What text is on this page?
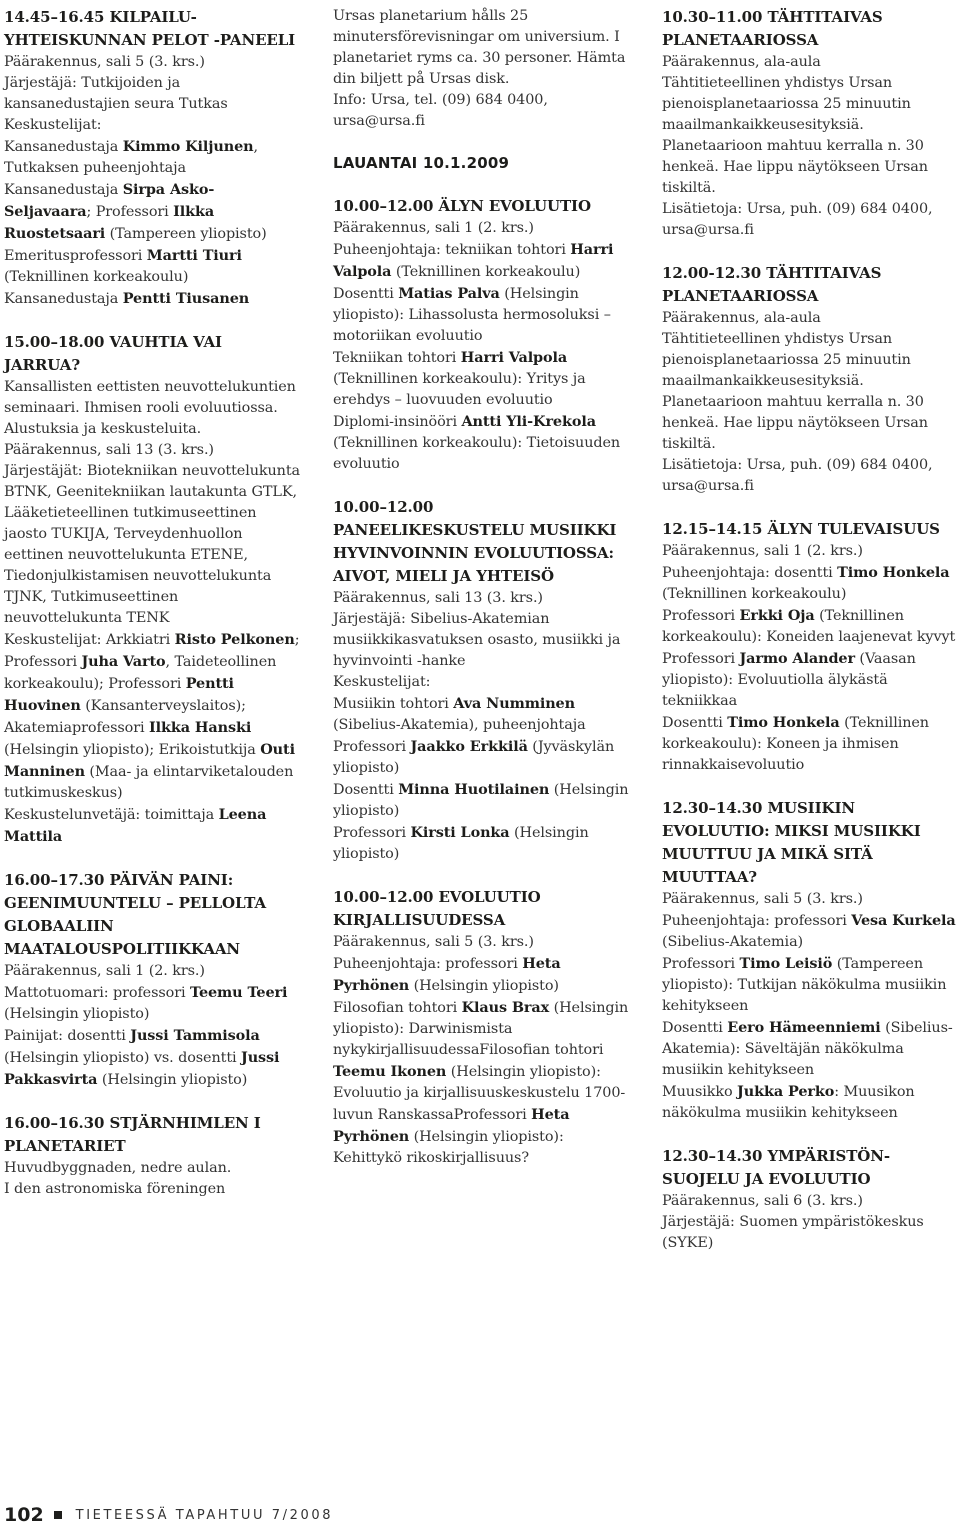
14.45–16.45 KILPAILU-YHTEISKUNNAN PELOT -PANEELI

Päärakennus, sali 5 (3. krs.)

Järjestäjä: Tutkijoiden ja kansanedustajien seura Tutkas

Keskustelijat:

Kansanedustaja Kimmo Kiljunen, Tutkaksen puheenjohtaja Kansanedustaja Sirpa Asko-Seljavaara; Professori Ilkka Ruostetsaari (Tampereen yliopisto)

Emeritusprofessori Martti Tiuri (Teknillinen korkeakoulu)

Kansanedustaja Pentti Tiusanen

15.00–18.00 VAUHTIA VAI JARRUA?

Kansallisten eettisten neuvottelukuntien seminaari. Ihmisen rooli evoluutiossa. Alustuksia ja keskusteluita.

Päärakennus, sali 13 (3. krs.)

Järjestäjät: Biotekniikan neuvottelukunta BTNK, Geenitekniikan lautakunta GTLK, Lääketieteellinen tutkimuseettinen jaosto TUKIJA, Terveydenhuollon eettinen neuvottelukunta ETENE, Tiedonjulkistamisen neuvottelukunta TJNK, Tutkimuseettinen neuvottelukunta TENK

Keskustelijat: Arkkiatri Risto Pelkonen; Professori Juha Varto, Taideteollinen korkeakoulu); Professori Pentti Huovinen (Kansanterveyslaitos); Akatemiaprofessori Ilkka Hanski (Helsingin yliopisto); Erikoistutkija Outi Manninen (Maa- ja elintarviketalouden tutkimuskeskus)

Keskustelunvetäjä: toimittaja Leena Mattila

16.00–17.30 PÄIVÄN PAINI: GEENIMUUNTELU – PELLOLTA GLOBAALIIN MAATALOUSPOLITIIKKAAN

Päärakennus, sali 1 (2. krs.)

Mattotuomari: professori Teemu Teeri (Helsingin yliopisto)

Painijat: dosentti Jussi Tammisola (Helsingin yliopisto) vs. dosentti Jussi Pakkasvirta (Helsingin yliopisto)

16.00–16.30 STJÄRNHIMLEN I PLANETARIET

Huvudbyggnaden, nedre aulan.

I den astronomiska föreningen

Ursas planetarium hålls 25 minutersförevisningar om universium. I planetariet ryms ca. 30 personer. Hämta din biljett på Ursas disk.

Info: Ursa, tel. (09) 684 0400, ursa@ursa.fi

LAUANTAI 10.1.2009

10.00–12.00 ÄLYN EVOLUUTIO

Päärakennus, sali 1 (2. krs.)

Puheenjohtaja: tekniikan tohtori Harri Valpola (Teknillinen korkeakoulu)

Dosentti Matias Palva (Helsingin yliopisto): Lihassolusta hermosoluksi – motoriikan evoluutio

Tekniikan tohtori Harri Valpola (Teknillinen korkeakoulu): Yritys ja erehdys – luovuuden evoluutio

Diplomi-insinööri Antti Yli-Krekola (Teknillinen korkeakoulu): Tietoisuuden evoluutio

10.00–12.00 PANEELIKESKUSTELU MUSIIKKI HYVINVOINNIN EVOLUUTIOSSA: AIVOT, MIELI JA YHTEISÖ

Päärakennus, sali 13 (3. krs.)

Järjestäjä: Sibelius-Akatemian musiikkikasvatuksen osasto, musiikki ja hyvinvointi -hanke

Keskustelijat:

Musiikin tohtori Ava Numminen (Sibelius-Akatemia), puheenjohtaja

Professori Jaakko Erkkilä (Jyväskylän yliopisto)

Dosentti Minna Huotilainen (Helsingin yliopisto)

Professori Kirsti Lonka (Helsingin yliopisto)

10.00–12.00 EVOLUUTIO KIRJALLISUUDESSA

Päärakennus, sali 5 (3. krs.)

Puheenjohtaja: professori Heta Pyrhönen (Helsingin yliopisto)

Filosofian tohtori Klaus Brax (Helsingin yliopisto): Darwinismista nykykirjallisuudessaFilosofian tohtori Teemu Ikonen (Helsingin yliopisto): Evoluutio ja kirjallisuuskeskustelu 1700-luvun RanskassaProfessori Heta Pyrhönen (Helsingin yliopisto): Kehittykö rikoskirjallisuus?

10.30–11.00 TÄHTITAIVAS PLANETAARIOSSA

Päärakennus, ala-aula

Tähtitieteellinen yhdistys Ursan pienoisplanetaariossa 25 minuutin maailmankaikkeusesityksiä.

Planetaarioon mahtuu kerralla n. 30 henkeä. Hae lippu näytökseen Ursan tiskiltä.

Lisätietoja: Ursa, puh. (09) 684 0400, ursa@ursa.fi

12.00-12.30 TÄHTITAIVAS PLANETAARIOSSA

Päärakennus, ala-aula

Tähtitieteellinen yhdistys Ursan pienoisplanetaariossa 25 minuutin maailmankaikkeusesityksiä.

Planetaarioon mahtuu kerralla n. 30 henkeä. Hae lippu näytökseen Ursan tiskiltä.

Lisätietoja: Ursa, puh. (09) 684 0400, ursa@ursa.fi

12.15–14.15 ÄLYN TULEVAISUUS

Päärakennus, sali 1 (2. krs.)

Puheenjohtaja: dosentti Timo Honkela (Teknillinen korkeakoulu)

Professori Erkki Oja (Teknillinen korkeakoulu): Koneiden laajenevat kyvyt

Professori Jarmo Alander (Vaasan yliopisto): Evoluutiolla älykästä tekniikkaa

Dosentti Timo Honkela (Teknillinen korkeakoulu): Koneen ja ihmisen rinnakkaisevoluutio

12.30–14.30 MUSIIKIN EVOLUUTIO: MIKSI MUSIIKKI MUUTTUU JA MIKÄ SITÄ MUUTTAA?

Päärakennus, sali 5 (3. krs.)

Puheenjohtaja: professori Vesa Kurkela (Sibelius-Akatemia)

Professori Timo Leisiö (Tampereen yliopisto): Tutkijan näkökulma musiikin kehitykseen

Dosentti Eero Hämeenniemi (Sibelius-Akatemia): Säveltäjän näkökulma musiikin kehitykseen

Muusikko Jukka Perko: Muusikon näkökulma musiikin kehitykseen

12.30–14.30 YMPÄRISTÖN-SUOJELU JA EVOLUUTIO

Päärakennus, sali 6 (3. krs.)

Järjestäjä: Suomen ympäristökeskus (SYKE)

102 TIETEESSÄ TAPAHTUU 7/2008
